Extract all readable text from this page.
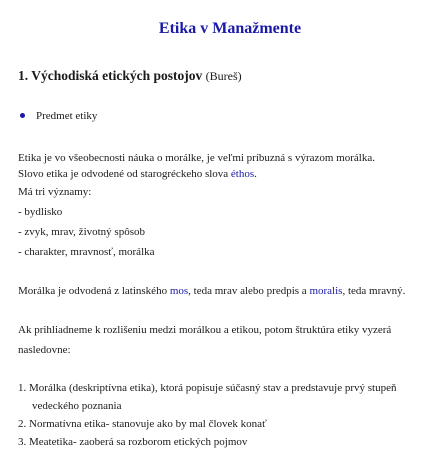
Etika v Manažmente
1. Východiská etických postojov (Bureš)
Predmet etiky
Etika je vo všeobecnosti náuka o morálke, je veľmi príbuzná s výrazom morálka.
Slovo etika je odvodené od starogréckeho slova éthos.
Má tri významy:
- bydlisko
- zvyk, mrav, životný spôsob
- charakter, mravnosť, morálka
Morálka je odvodená z latinského mos, teda mrav alebo predpis a moralis, teda mravný.
Ak prihliadneme k rozlišeniu medzi morálkou a etikou, potom štruktúra etiky vyzerá
nasledovne:
1. Morálka (deskriptívna etika), ktorá popisuje súčasný stav a predstavuje prvý stupeň
vedeckého poznania
2. Normatívna etika- stanovuje ako by mal človek konať
3. Meatetika- zaoberá sa rozborom etických pojmov
